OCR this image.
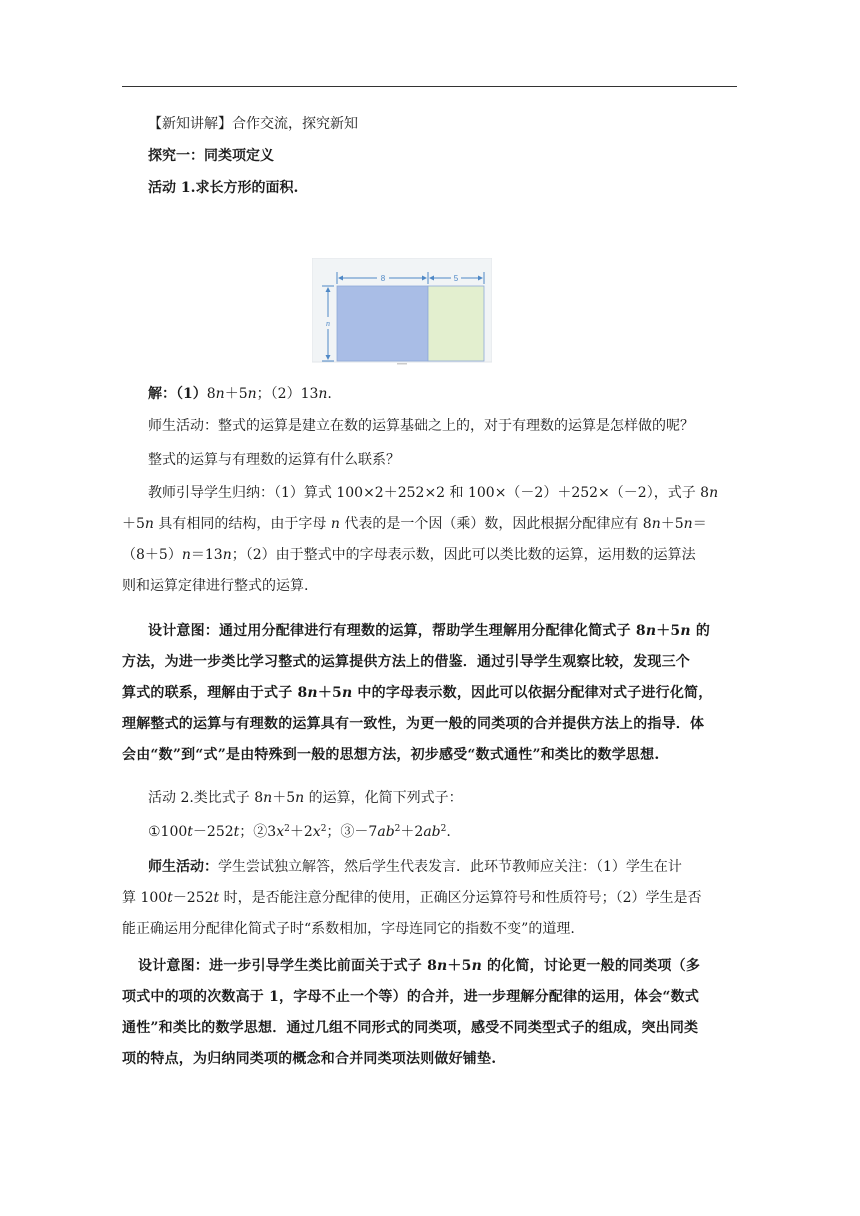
【新知讲解】合作交流，探究新知
探究一：同类项定义
活动 1.求长方形的面积.
8	5
n
解：（1）8n＋5n；（2）13n.
师生活动：整式的运算是建立在数的运算基础之上的，对于有理数的运算是怎样做的呢？
整式的运算与有理数的运算有什么联系？
教师引导学生归纳：（1）算式 100×2＋252×2 和 100×（－2）＋252×（－2），式子 8n
＋5n 具有相同的结构，由于字母 n 代表的是一个因（乘）数，因此根据分配律应有 8n＋5n＝
（8＋5）n＝13n；（2）由于整式中的字母表示数，因此可以类比数的运算，运用数的运算法
则和运算定律进行整式的运算.
设计意图：通过用分配律进行有理数的运算，帮助学生理解用分配律化简式子 8n＋5n 的
方法，为进一步类比学习整式的运算提供方法上的借鉴．通过引导学生观察比较，发现三个
算式的联系，理解由于式子 8n＋5n 中的字母表示数，因此可以依据分配律对式子进行化简，
理解整式的运算与有理数的运算具有一致性，为更一般的同类项的合并提供方法上的指导．体
会由“数”到“式”是由特殊到一般的思想方法，初步感受“数式通性”和类比的数学思想.
活动 2.类比式子 8n＋5n 的运算，化简下列式子：
①100t－252t；$②3x^2+2x^2$；$③-7ab^2+2ab^2$.
师生活动：学生尝试独立解答，然后学生代表发言．此环节教师应关注：（1）学生在计
算 100t－252t 时，是否能注意分配律的使用，正确区分运算符号和性质符号；（2）学生是否
能正确运用分配律化简式子时“系数相加，字母连同它的指数不变”的道理.
设计意图：进一步引导学生类比前面关于式子 8n＋5n 的化简，讨论更一般的同类项（多
项式中的项的次数高于 1，字母不止一个等）的合并，进一步理解分配律的运用，体会“数式
通性”和类比的数学思想．通过几组不同形式的同类项，感受不同类型式子的组成，突出同类
项的特点，为归纳同类项的概念和合并同类项法则做好铺垫.
